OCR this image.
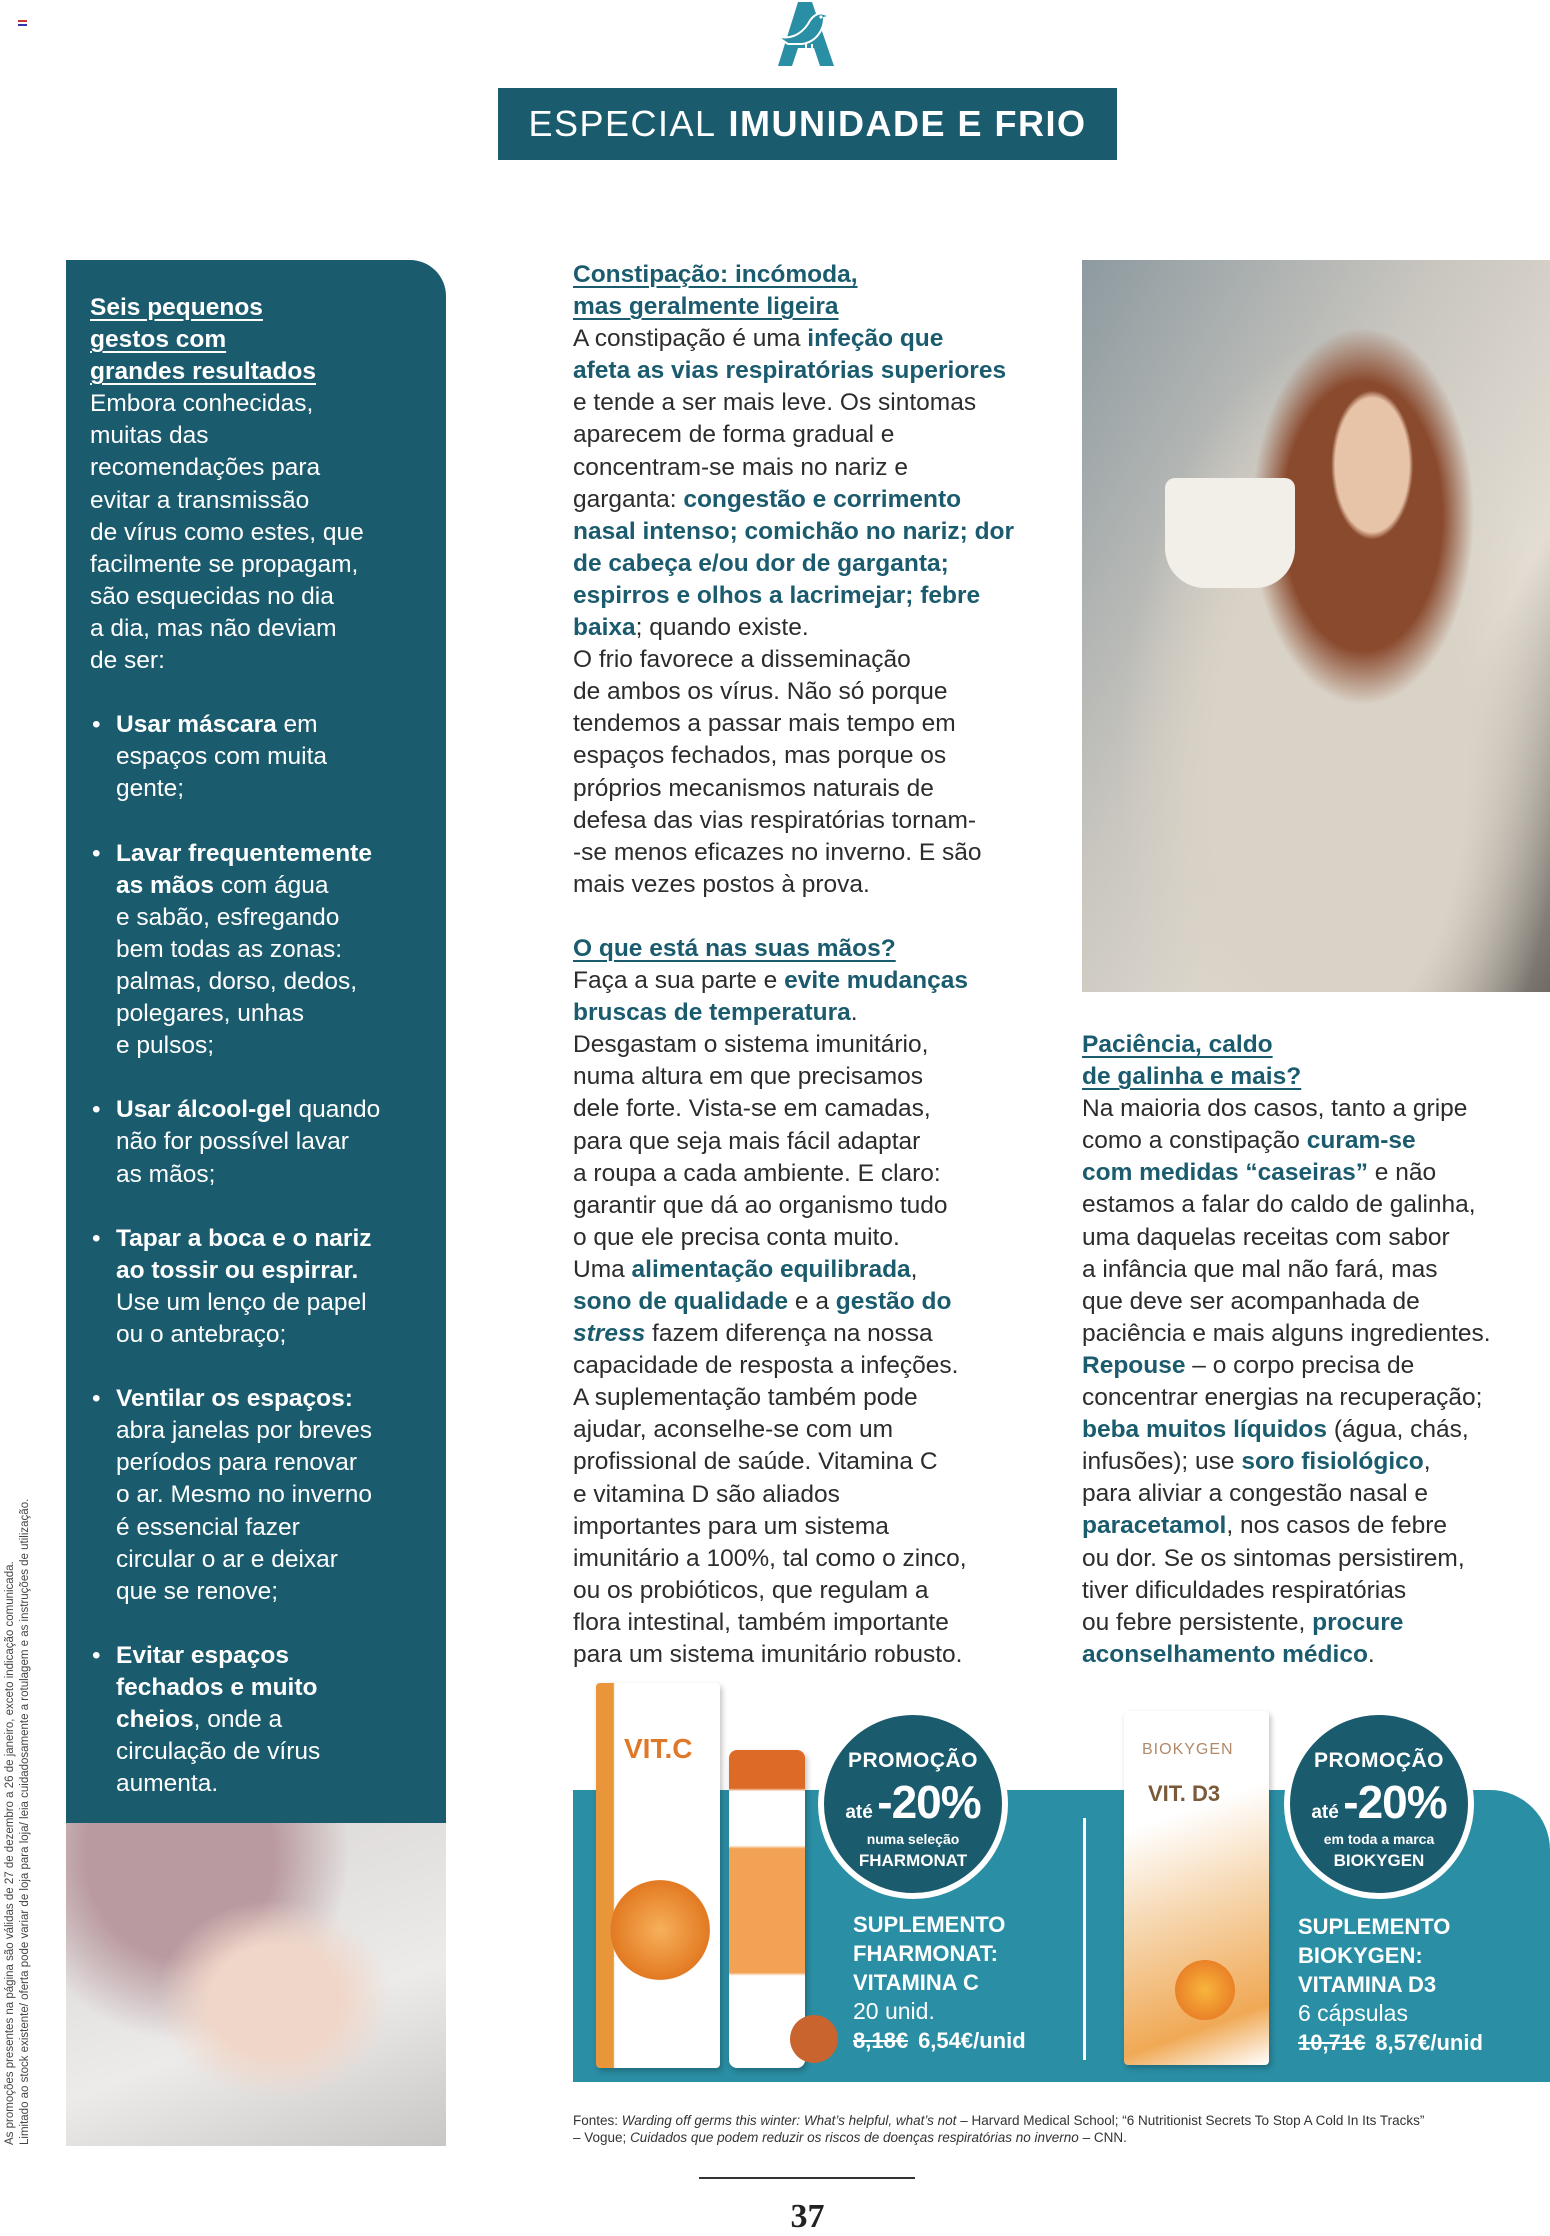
ESPECIAL IMUNIDADE E FRIO
Seis pequenos
gestos com
grandes resultados
Embora conhecidas,
muitas das
recomendações para
evitar a transmissão
de vírus como estes, que
facilmente se propagam,
são esquecidas no dia
a dia, mas não deviam
de ser:
• Usar máscara em
espaços com muita
gente;
• Lavar frequentemente
as mãos com água
e sabão, esfregando
bem todas as zonas:
palmas, dorso, dedos,
polegares, unhas
e pulsos;
• Usar álcool-gel quando
não for possível lavar
as mãos;
• Tapar a boca e o nariz
ao tossir ou espirrar.
Use um lenço de papel
ou o antebraço;
• Ventilar os espaços:
abra janelas por breves
períodos para renovar
o ar. Mesmo no inverno
é essencial fazer
circular o ar e deixar
que se renove;
• Evitar espaços
fechados e muito
cheios, onde a
circulação de vírus
aumenta.
Constipação: incómoda,
mas geralmente ligeira
A constipação é uma infeção que
afeta as vias respiratórias superiores
e tende a ser mais leve. Os sintomas
aparecem de forma gradual e
concentram-se mais no nariz e
garganta: congestão e corrimento
nasal intenso; comichão no nariz; dor
de cabeça e/ou dor de garganta;
espirros e olhos a lacrimejar; febre
baixa; quando existe.
O frio favorece a disseminação
de ambos os vírus. Não só porque
tendemos a passar mais tempo em
espaços fechados, mas porque os
próprios mecanismos naturais de
defesa das vias respiratórias tornam-
-se menos eficazes no inverno. E são
mais vezes postos à prova.
O que está nas suas mãos?
Faça a sua parte e evite mudanças
bruscas de temperatura.
Desgastam o sistema imunitário,
numa altura em que precisamos
dele forte. Vista-se em camadas,
para que seja mais fácil adaptar
a roupa a cada ambiente. E claro:
garantir que dá ao organismo tudo
o que ele precisa conta muito.
Uma alimentação equilibrada,
sono de qualidade e a gestão do
stress fazem diferença na nossa
capacidade de resposta a infeções.
A suplementação também pode
ajudar, aconselhe-se com um
profissional de saúde. Vitamina C
e vitamina D são aliados
importantes para um sistema
imunitário a 100%, tal como o zinco,
ou os probióticos, que regulam a
flora intestinal, também importante
para um sistema imunitário robusto.
Paciência, caldo
de galinha e mais?
Na maioria dos casos, tanto a gripe
como a constipação curam-se
com medidas “caseiras” e não
estamos a falar do caldo de galinha,
uma daquelas receitas com sabor
a infância que mal não fará, mas
que deve ser acompanhada de
paciência e mais alguns ingredientes.
Repouse – o corpo precisa de
concentrar energias na recuperação;
beba muitos líquidos (água, chás,
infusões); use soro fisiológico,
para aliviar a congestão nasal e
paracetamol, nos casos de febre
ou dor. Se os sintomas persistirem,
tiver dificuldades respiratórias
ou febre persistente, procure
aconselhamento médico.
VIT.C	PROMOÇÃO
até -20%
numa seleção
FHARMONAT
SUPLEMENTO
FHARMONAT:
VITAMINA C
20 unid.
8,18€ 6,54€/unid
BIOKYGEN
VIT. D3
PROMOÇÃO
até -20%
em toda a marca
BIOKYGEN
SUPLEMENTO
BIOKYGEN:
VITAMINA D3
6 cápsulas
10,71€ 8,57€/unid
Fontes: Warding off germs this winter: What’s helpful, what’s not – Harvard Medical School; “6 Nutritionist Secrets To Stop A Cold In Its Tracks”
– Vogue; Cuidados que podem reduzir os riscos de doenças respiratórias no inverno – CNN.
37
As promoções presentes na página são válidas de 27 de dezembro a 26 de janeiro, exceto indicação comunicada. Limitado ao stock existente/ oferta pode variar de loja para loja/ leia cuidadosamente a rotulagem e as instruções de utilização.
